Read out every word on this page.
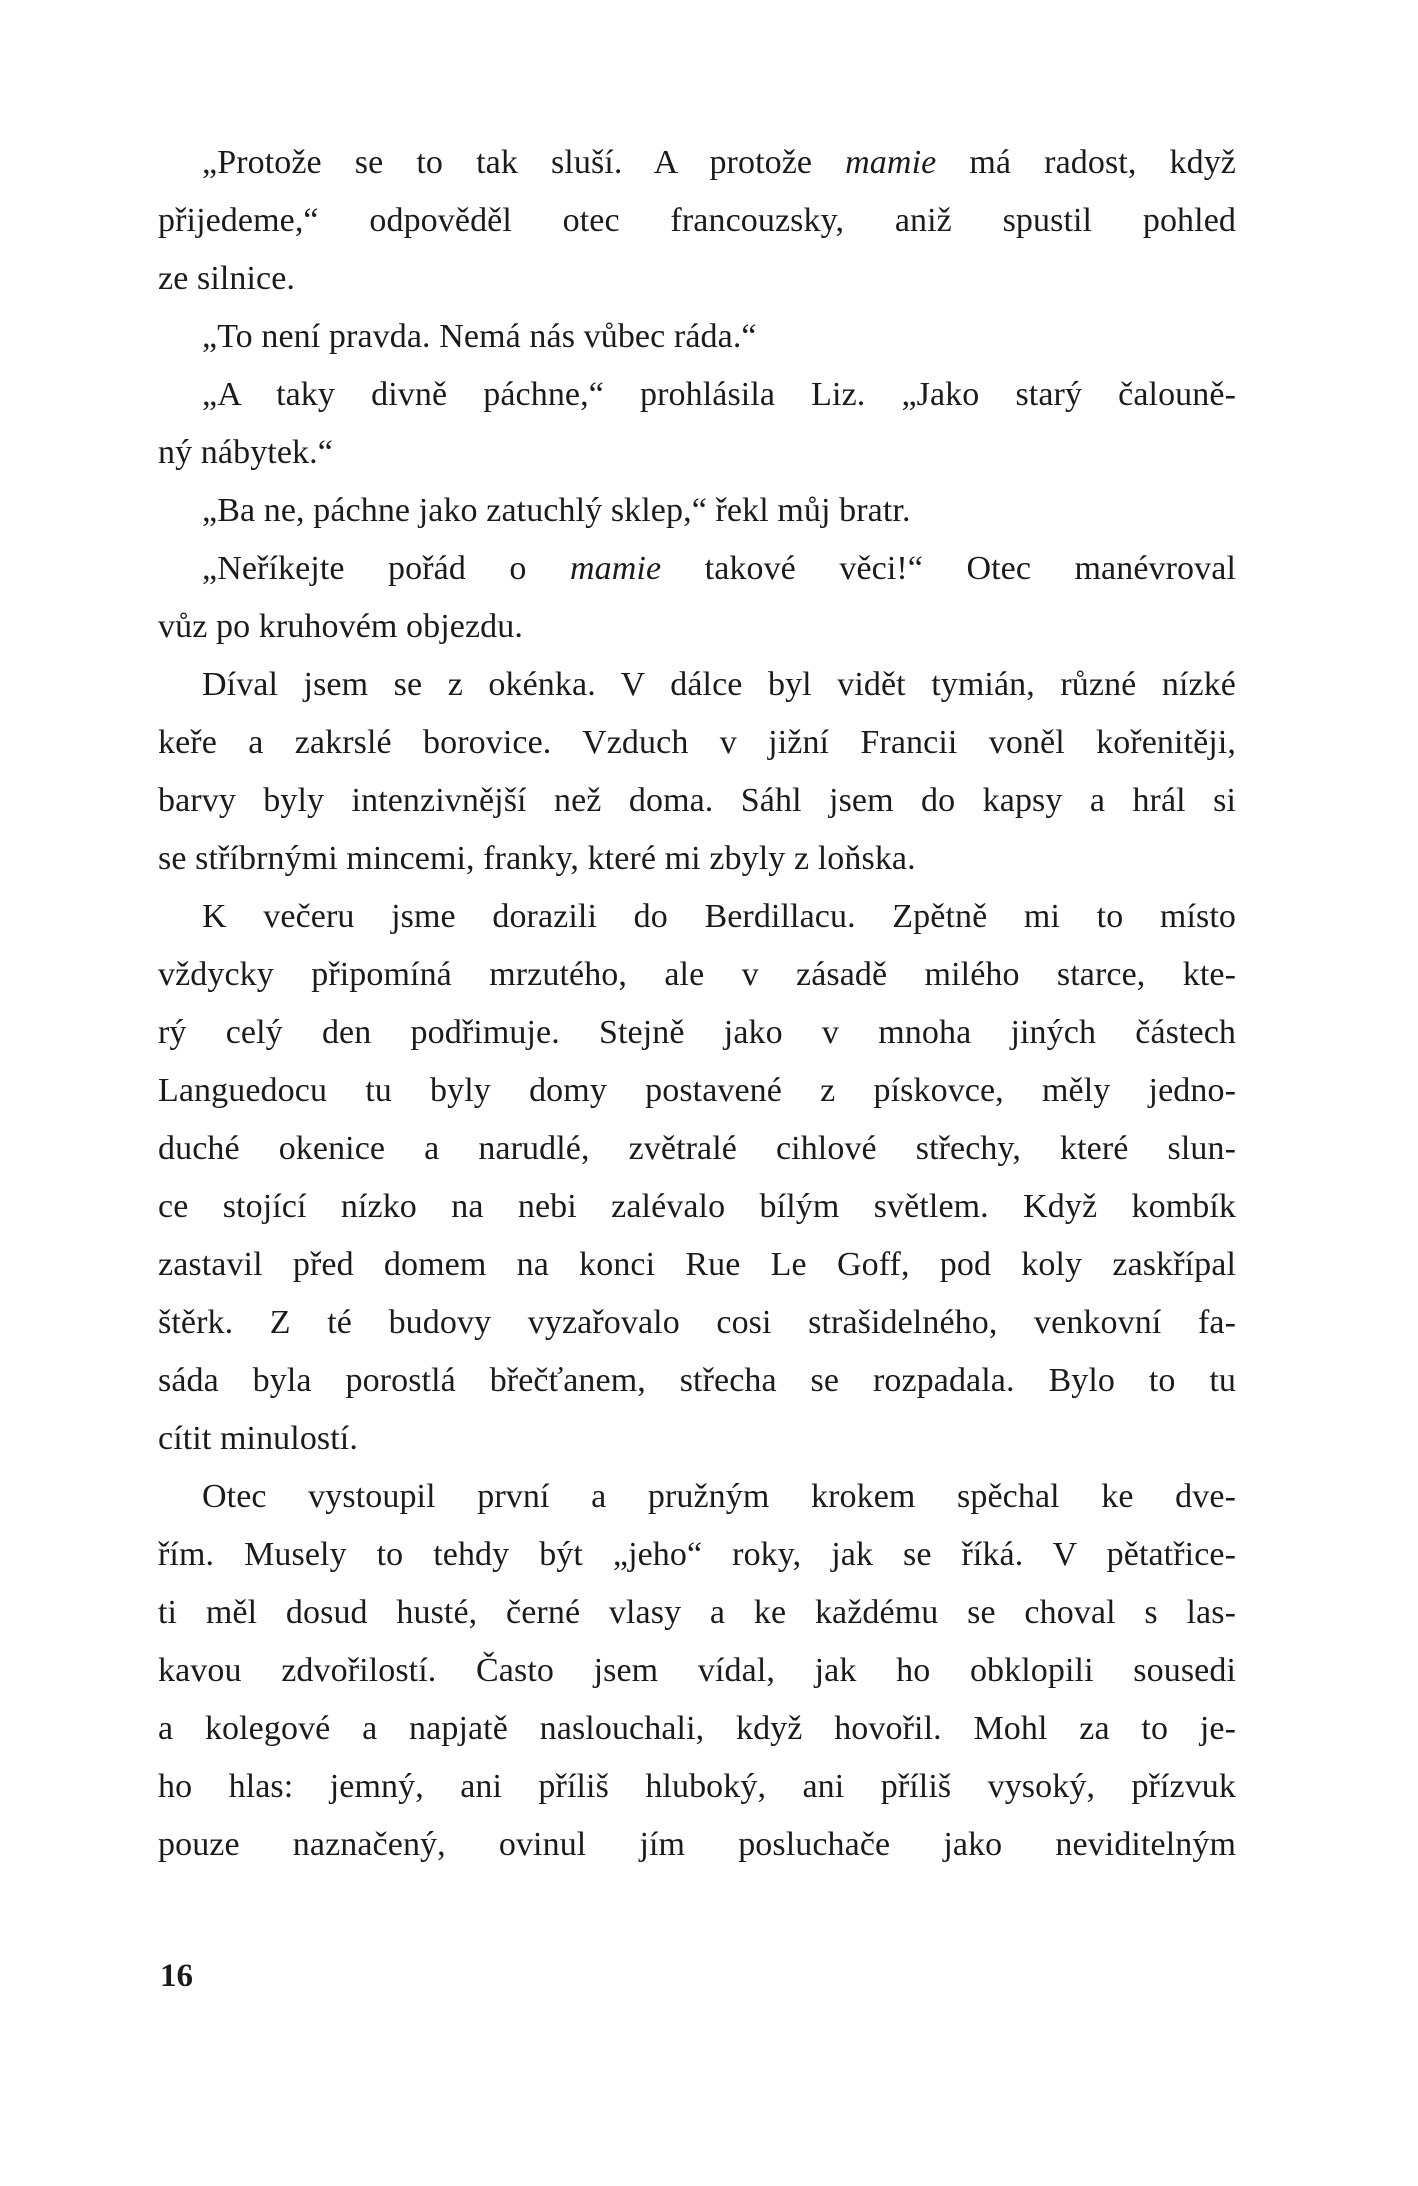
„Protože se to tak sluší. A protože mamie má radost, když
přijedeme,“ odpověděl otec francouzsky, aniž spustil pohled
ze silnice.
„To není pravda. Nemá nás vůbec ráda.“
„A taky divně páchne,“ prohlásila Liz. „Jako starý čalouně-
ný nábytek.“
„Ba ne, páchne jako zatuchlý sklep,“ řekl můj bratr.
„Neříkejte pořád o mamie takové věci!“ Otec manévroval
vůz po kruhovém objezdu.
Díval jsem se z okénka. V dálce byl vidět tymián, různé nízké
keře a zakrslé borovice. Vzduch v jižní Francii voněl kořenitěji,
barvy byly intenzivnější než doma. Sáhl jsem do kapsy a hrál si
se stříbrnými mincemi, franky, které mi zbyly z loňska.
K večeru jsme dorazili do Berdillacu. Zpětně mi to místo
vždycky připomíná mrzutého, ale v zásadě milého starce, kte-
rý celý den podřimuje. Stejně jako v mnoha jiných částech
Languedocu tu byly domy postavené z pískovce, měly jedno-
duché okenice a narudlé, zvětralé cihlové střechy, které slun-
ce stojící nízko na nebi zalévalo bílým světlem. Když kombík
zastavil před domem na konci Rue Le Goff, pod koly zaskřípal
štěrk. Z té budovy vyzařovalo cosi strašidelného, venkovní fa-
sáda byla porostlá břečťanem, střecha se rozpadala. Bylo to tu
cítit minulostí.
Otec vystoupil první a pružným krokem spěchal ke dve-
řím. Musely to tehdy být „jeho“ roky, jak se říká. V pětatřice-
ti měl dosud husté, černé vlasy a ke každému se choval s las-
kavou zdvořilostí. Často jsem vídal, jak ho obklopili sousedi
a kolegové a napjatě naslouchali, když hovořil. Mohl za to je-
ho hlas: jemný, ani příliš hluboký, ani příliš vysoký, přízvuk
pouze naznačený, ovinul jím posluchače jako neviditelným
16
